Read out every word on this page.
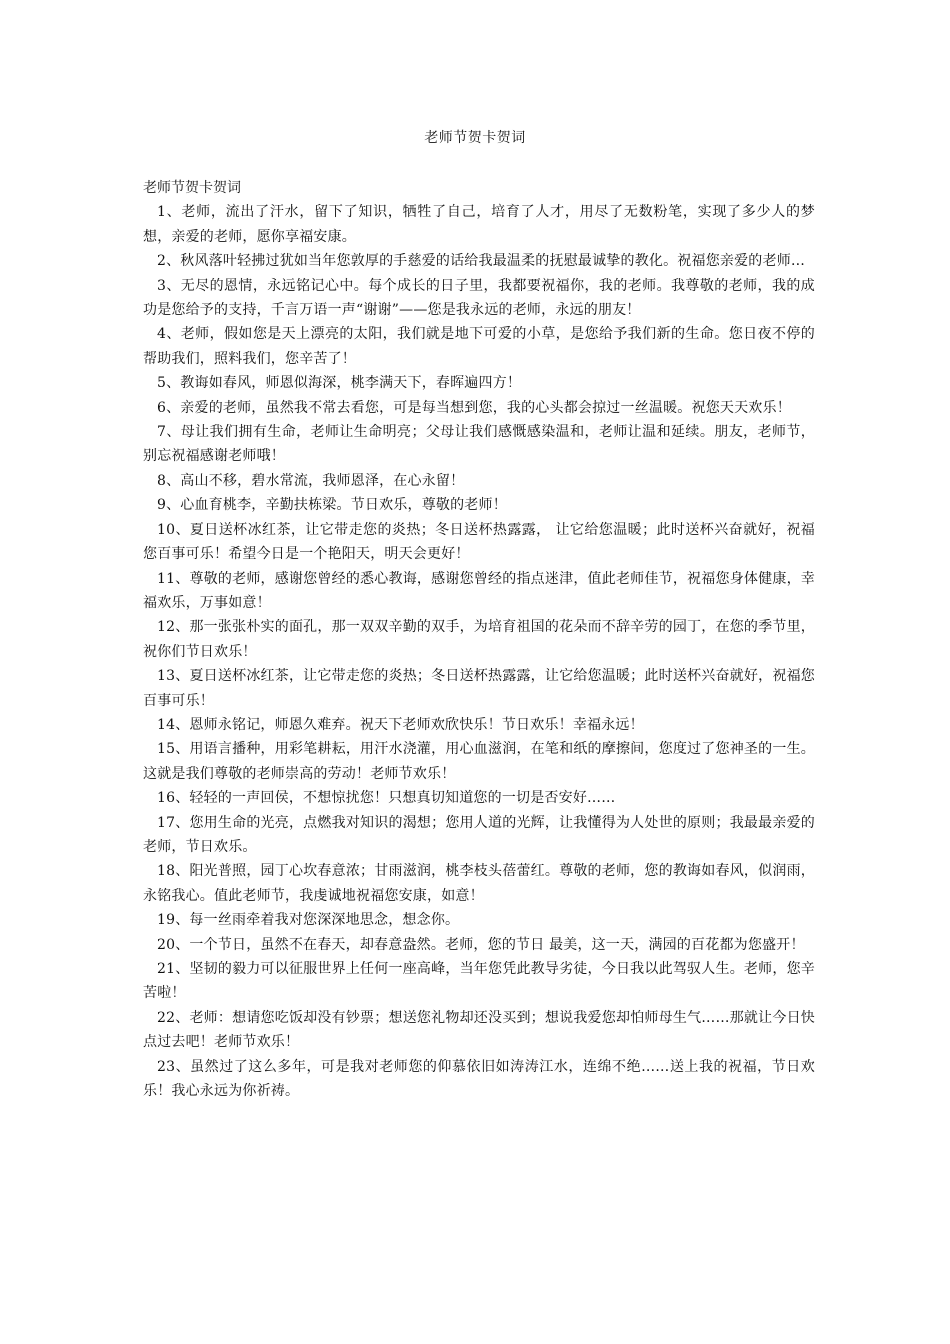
老师节贺卡贺词

老师节贺卡贺词

1、老师，流出了汗水，留下了知识，牺牲了自己，培育了人才，用尽了无数粉笔，实现了多少人的梦想，亲爱的老师，愿你享福安康。
2、秋风落叶轻拂过犹如当年您敦厚的手慈爱的话给我最温柔的抚慰最诚挚的教化。祝福您亲爱的老师…
3、无尽的恩情，永远铭记心中。每个成长的日子里，我都要祝福你，我的老师。我尊敬的老师，我的成功是您给予的支持，千言万语一声“谢谢”——您是我永远的老师，永远的朋友！
4、老师，假如您是天上漂亮的太阳，我们就是地下可爱的小草，是您给予我们新的生命。您日夜不停的帮助我们，照料我们，您辛苦了！
5、教诲如春风，师恩似海深，桃李满天下，春晖遍四方！
6、亲爱的老师，虽然我不常去看您，可是每当想到您，我的心头都会掠过一丝温暖。祝您天天欢乐！
7、母让我们拥有生命，老师让生命明亮；父母让我们感慨感染温和，老师让温和延续。朋友，老师节，别忘祝福感谢老师哦！
8、高山不移，碧水常流，我师恩泽，在心永留！
9、心血育桃李，辛勤扶栋梁。节日欢乐，尊敬的老师！
10、夏日送杯冰红茶，让它带走您的炎热；冬日送杯热露露， 让它给您温暖；此时送杯兴奋就好，祝福您百事可乐！希望今日是一个艳阳天，明天会更好！
11、尊敬的老师，感谢您曾经的悉心教诲，感谢您曾经的指点迷津，值此老师佳节，祝福您身体健康，幸福欢乐，万事如意！
12、那一张张朴实的面孔，那一双双辛勤的双手，为培育祖国的花朵而不辞辛劳的园丁，在您的季节里，祝你们节日欢乐！
13、夏日送杯冰红茶，让它带走您的炎热；冬日送杯热露露，让它给您温暖；此时送杯兴奋就好，祝福您百事可乐！
14、恩师永铭记，师恩久难弃。祝天下老师欢欣快乐！节日欢乐！幸福永远！
15、用语言播种，用彩笔耕耘，用汗水浇灌，用心血滋润，在笔和纸的摩擦间，您度过了您神圣的一生。这就是我们尊敬的老师崇高的劳动！老师节欢乐！
16、轻轻的一声回侯，不想惊扰您！只想真切知道您的一切是否安好……
17、您用生命的光亮，点燃我对知识的渴想；您用人道的光辉，让我懂得为人处世的原则；我最最亲爱的老师，节日欢乐。
18、阳光普照，园丁心坎春意浓；甘雨滋润，桃李枝头蓓蕾红。尊敬的老师，您的教诲如春风，似润雨，永铭我心。值此老师节，我虔诚地祝福您安康，如意！
19、每一丝雨牵着我对您深深地思念，想念你。
20、一个节日，虽然不在春天，却春意盎然。老师，您的节日 最美，这一天，满园的百花都为您盛开！
21、坚韧的毅力可以征服世界上任何一座高峰，当年您凭此教导劣徒，今日我以此驾驭人生。老师，您辛苦啦！
22、老师：想请您吃饭却没有钞票；想送您礼物却还没买到；想说我爱您却怕师母生气……那就让今日快点过去吧！老师节欢乐！
23、虽然过了这么多年，可是我对老师您的仰慕依旧如涛涛江水，连绵不绝……送上我的祝福，节日欢乐！我心永远为你祈祷。
